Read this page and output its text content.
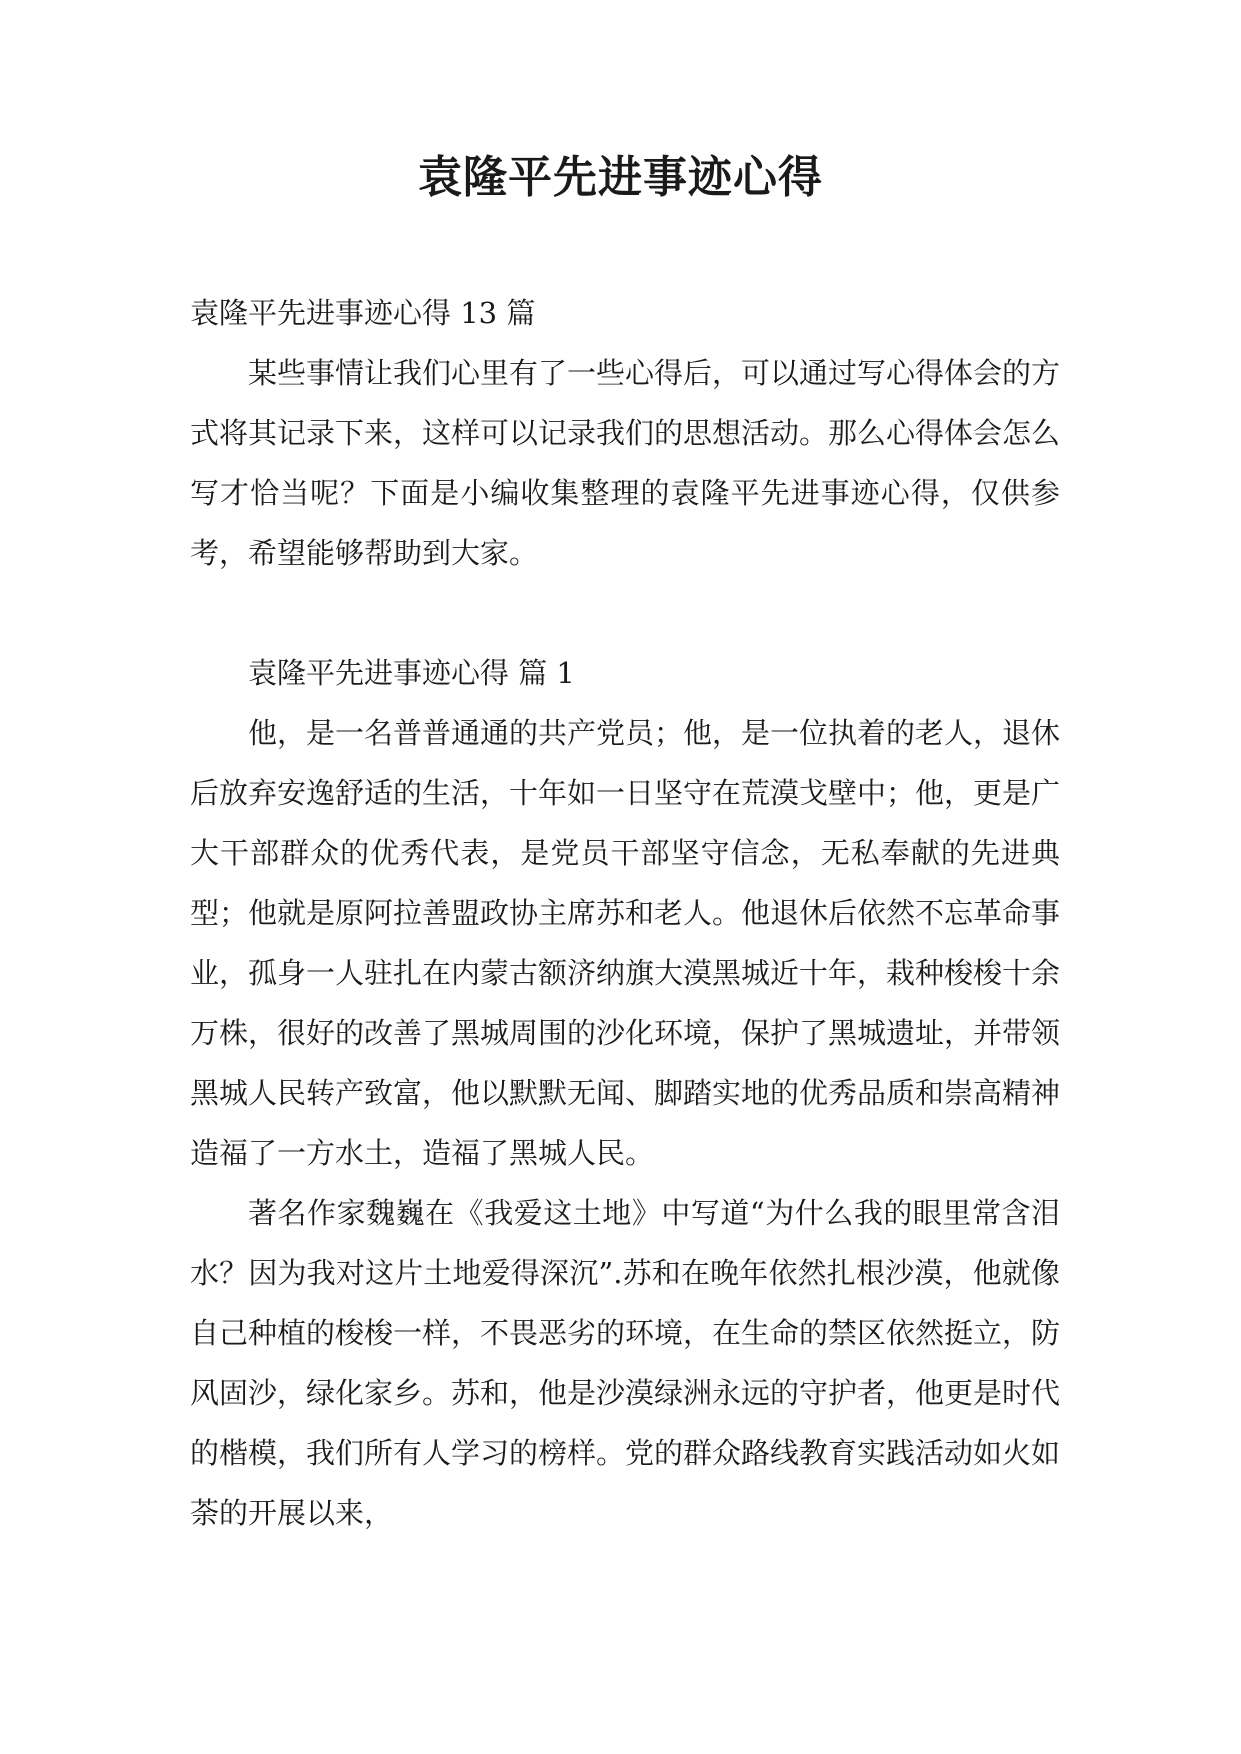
袁隆平先进事迹心得

袁隆平先进事迹心得 13 篇

某些事情让我们心里有了一些心得后，可以通过写心得体会的方式将其记录下来，这样可以记录我们的思想活动。那么心得体会怎么写才恰当呢？下面是小编收集整理的袁隆平先进事迹心得，仅供参考，希望能够帮助到大家。

袁隆平先进事迹心得 篇 1

他，是一名普普通通的共产党员；他，是一位执着的老人，退休后放弃安逸舒适的生活，十年如一日坚守在荒漠戈壁中；他，更是广大干部群众的优秀代表，是党员干部坚守信念，无私奉献的先进典型；他就是原阿拉善盟政协主席苏和老人。他退休后依然不忘革命事业，孤身一人驻扎在内蒙古额济纳旗大漠黑城近十年，栽种梭梭十余万株，很好的改善了黑城周围的沙化环境，保护了黑城遗址，并带领黑城人民转产致富，他以默默无闻、脚踏实地的优秀品质和崇高精神造福了一方水土，造福了黑城人民。

著名作家魏巍在《我爱这土地》中写道“为什么我的眼里常含泪水？因为我对这片土地爱得深沉”.苏和在晚年依然扎根沙漠，他就像自己种植的梭梭一样，不畏恶劣的环境，在生命的禁区依然挺立，防风固沙，绿化家乡。苏和，他是沙漠绿洲永远的守护者，他更是时代的楷模，我们所有人学习的榜样。党的群众路线教育实践活动如火如荼的开展以来，
